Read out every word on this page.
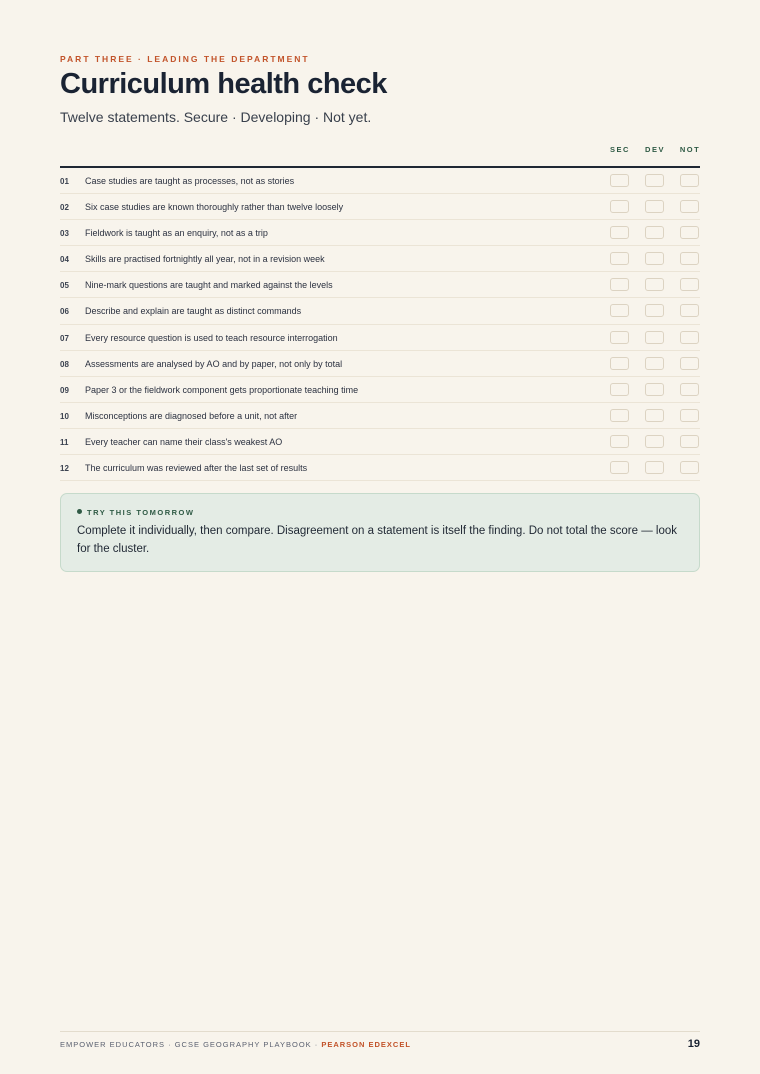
PART THREE · LEADING THE DEPARTMENT
Curriculum health check
Twelve statements. Secure · Developing · Not yet.
SEC DEV NOT
01 Case studies are taught as processes, not as stories
02 Six case studies are known thoroughly rather than twelve loosely
03 Fieldwork is taught as an enquiry, not as a trip
04 Skills are practised fortnightly all year, not in a revision week
05 Nine-mark questions are taught and marked against the levels
06 Describe and explain are taught as distinct commands
07 Every resource question is used to teach resource interrogation
08 Assessments are analysed by AO and by paper, not only by total
09 Paper 3 or the fieldwork component gets proportionate teaching time
10 Misconceptions are diagnosed before a unit, not after
11 Every teacher can name their class's weakest AO
12 The curriculum was reviewed after the last set of results
TRY THIS TOMORROW
Complete it individually, then compare. Disagreement on a statement is itself the finding. Do not total the score — look for the cluster.
EMPOWER EDUCATORS · GCSE GEOGRAPHY PLAYBOOK · PEARSON EDEXCEL	19
